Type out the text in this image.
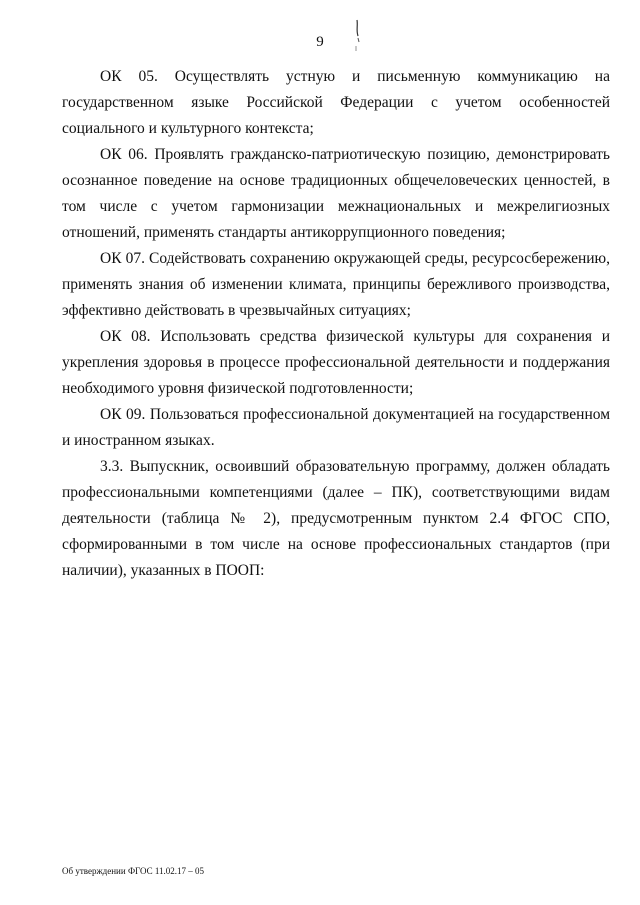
9

ОК 05. Осуществлять устную и письменную коммуникацию на государственном языке Российской Федерации с учетом особенностей социального и культурного контекста;

ОК 06. Проявлять гражданско-патриотическую позицию, демонстрировать осознанное поведение на основе традиционных общечеловеческих ценностей, в том числе с учетом гармонизации межнациональных и межрелигиозных отношений, применять стандарты антикоррупционного поведения;

ОК 07. Содействовать сохранению окружающей среды, ресурсосбережению, применять знания об изменении климата, принципы бережливого производства, эффективно действовать в чрезвычайных ситуациях;

ОК 08. Использовать средства физической культуры для сохранения и укрепления здоровья в процессе профессиональной деятельности и поддержания необходимого уровня физической подготовленности;

ОК 09. Пользоваться профессиональной документацией на государственном и иностранном языках.

3.3. Выпускник, освоивший образовательную программу, должен обладать профессиональными компетенциями (далее – ПК), соответствующими видам деятельности (таблица № 2), предусмотренным пунктом 2.4 ФГОС СПО, сформированными в том числе на основе профессиональных стандартов (при наличии), указанных в ПООП:

Об утверждении ФГОС 11.02.17 – 05
